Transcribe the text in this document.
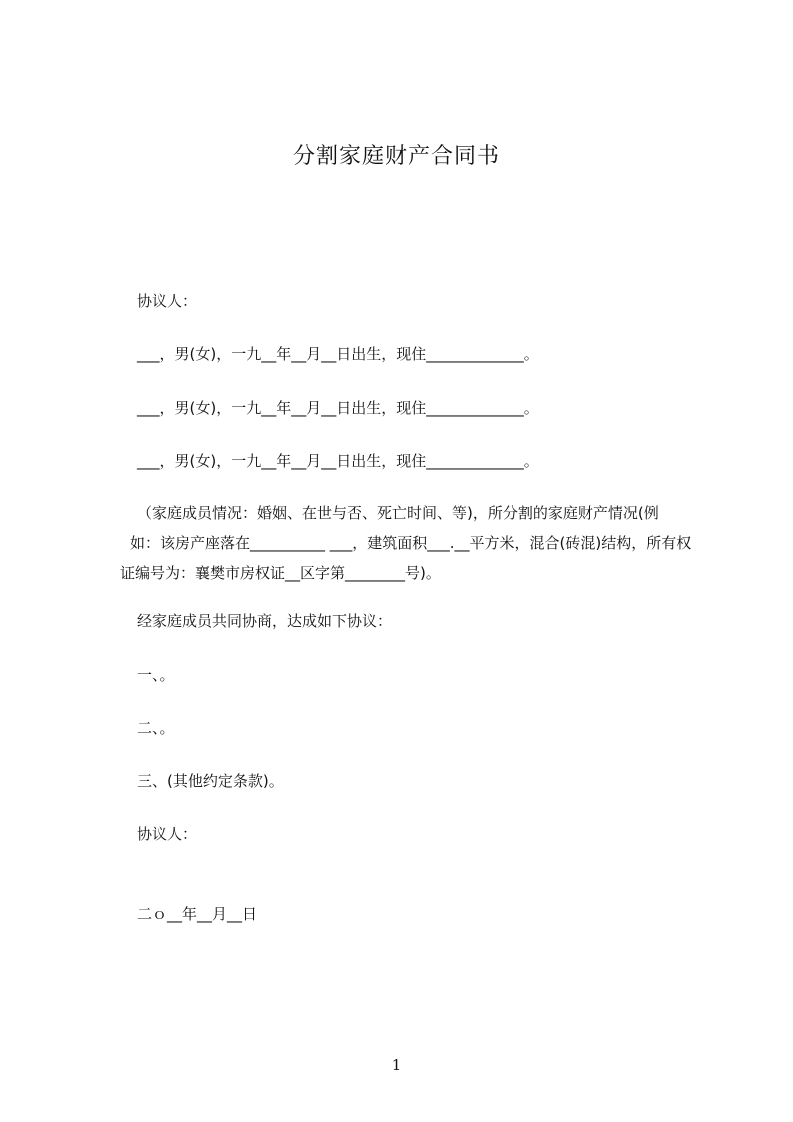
分割家庭财产合同书
协议人：
___，男(女)，一九__年__月__日出生，现住_____________。
___，男(女)，一九__年__月__日出生，现住_____________。
___，男(女)，一九__年__月__日出生，现住_____________。
（家庭成员情况：婚姻、在世与否、死亡时间、等)，所分割的家庭财产情况(例
如：该房产座落在__________ ___，建筑面积___.__平方米，混合(砖混)结构，所有权
证编号为：襄樊市房权证__区字第________号)。
经家庭成员共同协商，达成如下协议：
一、。
二、。
三、(其他约定条款)。
协议人：
二ｏ__年__月__日
1
